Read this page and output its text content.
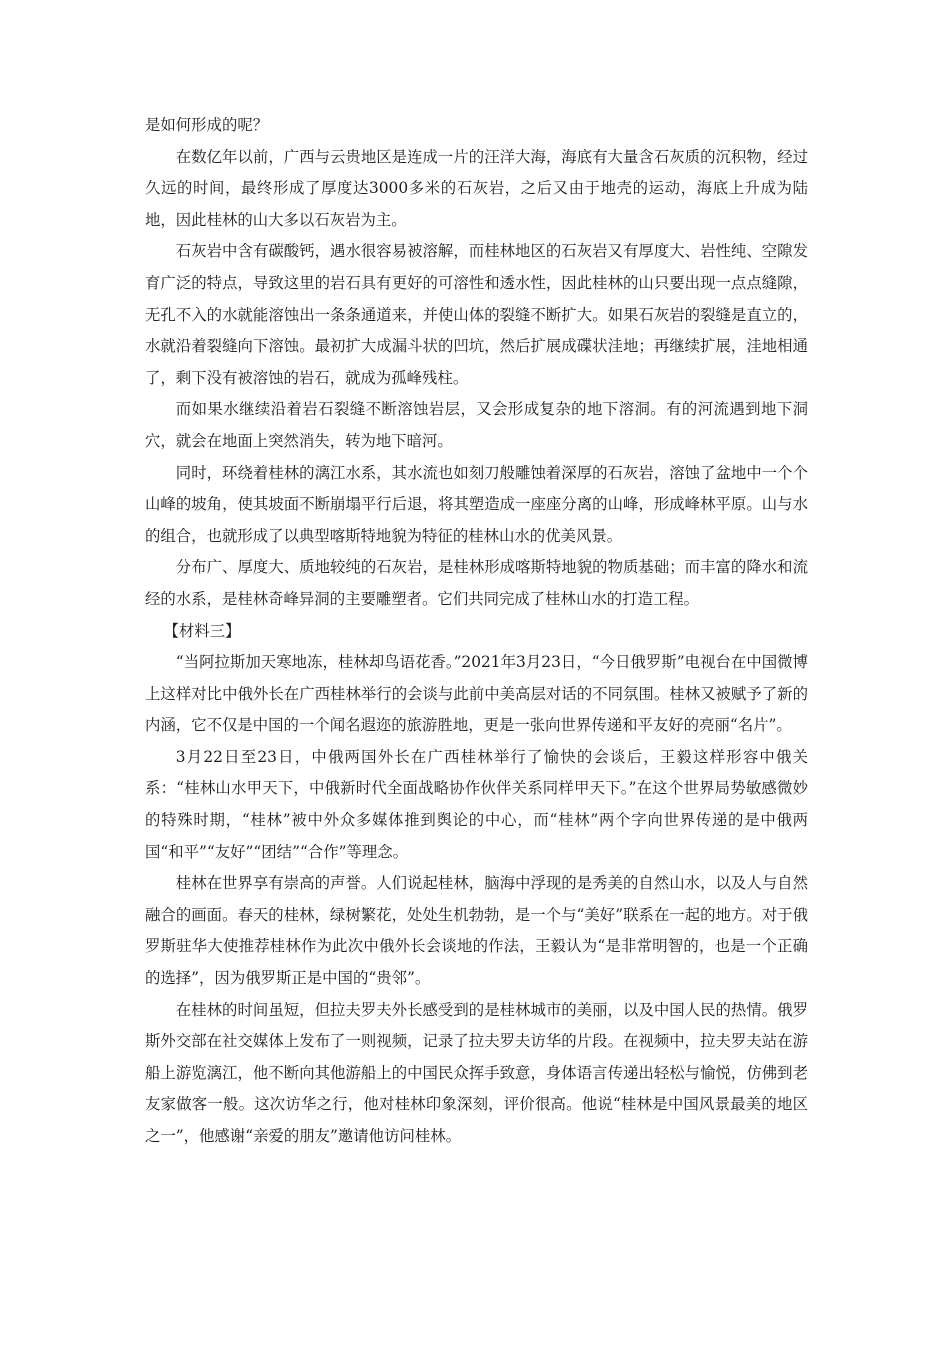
是如何形成的呢？

在数亿年以前，广西与云贵地区是连成一片的汪洋大海，海底有大量含石灰质的沉积物，经过久远的时间，最终形成了厚度达3000多米的石灰岩，之后又由于地壳的运动，海底上升成为陆地，因此桂林的山大多以石灰岩为主。

石灰岩中含有碳酸钙，遇水很容易被溶解，而桂林地区的石灰岩又有厚度大、岩性纯、空隙发育广泛的特点，导致这里的岩石具有更好的可溶性和透水性，因此桂林的山只要出现一点点缝隙，无孔不入的水就能溶蚀出一条条通道来，并使山体的裂缝不断扩大。如果石灰岩的裂缝是直立的，水就沿着裂缝向下溶蚀。最初扩大成漏斗状的凹坑，然后扩展成碟状洼地；再继续扩展，洼地相通了，剩下没有被溶蚀的岩石，就成为孤峰残柱。

而如果水继续沿着岩石裂缝不断溶蚀岩层，又会形成复杂的地下溶洞。有的河流遇到地下洞穴，就会在地面上突然消失，转为地下暗河。

同时，环绕着桂林的漓江水系，其水流也如刻刀般雕蚀着深厚的石灰岩，溶蚀了盆地中一个个山峰的坡角，使其坡面不断崩塌平行后退，将其塑造成一座座分离的山峰，形成峰林平原。山与水的组合，也就形成了以典型喀斯特地貌为特征的桂林山水的优美风景。

分布广、厚度大、质地较纯的石灰岩，是桂林形成喀斯特地貌的物质基础；而丰富的降水和流经的水系，是桂林奇峰异洞的主要雕塑者。它们共同完成了桂林山水的打造工程。

【材料三】

“当阿拉斯加天寒地冻，桂林却鸟语花香。”2021年3月23日，“今日俄罗斯”电视台在中国微博上这样对比中俄外长在广西桂林举行的会谈与此前中美高层对话的不同氛围。桂林又被赋予了新的内涵，它不仅是中国的一个闻名遐迩的旅游胜地，更是一张向世界传递和平友好的亮丽“名片”。

3月22日至23日，中俄两国外长在广西桂林举行了愉快的会谈后，王毅这样形容中俄关系：“桂林山水甲天下，中俄新时代全面战略协作伙伴关系同样甲天下。”在这个世界局势敏感微妙的特殊时期，“桂林”被中外众多媒体推到舆论的中心，而“桂林”两个字向世界传递的是中俄两国“和平”“友好”“团结”“合作”等理念。

桂林在世界享有崇高的声誉。人们说起桂林，脑海中浮现的是秀美的自然山水，以及人与自然融合的画面。春天的桂林，绿树繁花，处处生机勃勃，是一个与“美好”联系在一起的地方。对于俄罗斯驻华大使推荐桂林作为此次中俄外长会谈地的作法，王毅认为“是非常明智的，也是一个正确的选择”，因为俄罗斯正是中国的“贵邻”。

在桂林的时间虽短，但拉夫罗夫外长感受到的是桂林城市的美丽，以及中国人民的热情。俄罗斯外交部在社交媒体上发布了一则视频，记录了拉夫罗夫访华的片段。在视频中，拉夫罗夫站在游船上游览漓江，他不断向其他游船上的中国民众挥手致意，身体语言传递出轻松与愉悦，仿佛到老友家做客一般。这次访华之行，他对桂林印象深刻，评价很高。他说“桂林是中国风景最美的地区之一”，他感谢“亲爱的朋友”邀请他访问桂林。
